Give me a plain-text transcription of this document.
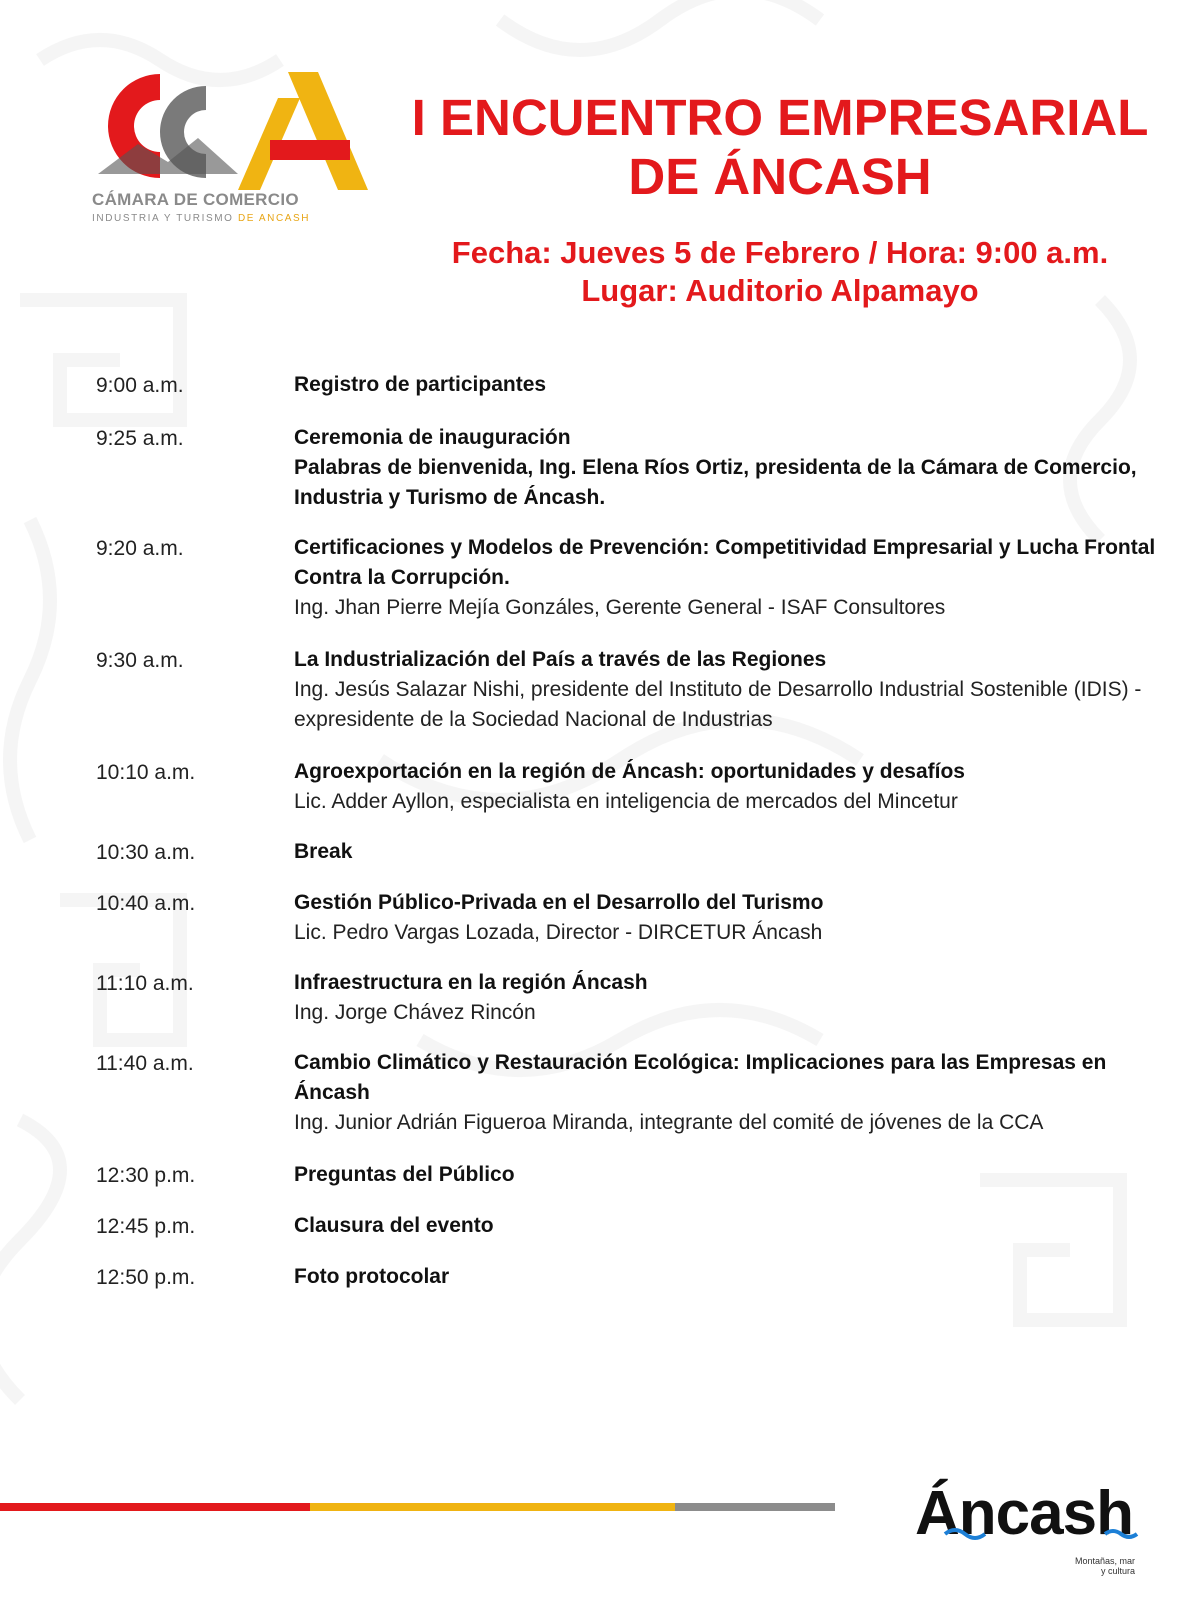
CÁMARA DE COMERCIO
INDUSTRIA Y TURISMO DE ANCASH
I ENCUENTRO EMPRESARIAL
DE ÁNCASH
Fecha: Jueves 5 de Febrero / Hora: 9:00 a.m.
Lugar: Auditorio Alpamayo
9:00 a.m.	Registro de participantes
9:25 a.m.	Ceremonia de inauguración
Palabras de bienvenida, Ing. Elena Ríos Ortiz, presidenta de la Cámara de Comercio, Industria y Turismo de Áncash.
9:20 a.m.	Certificaciones y Modelos de Prevención: Competitividad Empresarial y Lucha Frontal Contra la Corrupción.
Ing. Jhan Pierre Mejía Gonzáles, Gerente General - ISAF Consultores
9:30 a.m.	La Industrialización del País a través de las Regiones
Ing. Jesús Salazar Nishi, presidente del Instituto de Desarrollo Industrial Sostenible (IDIS) - expresidente de la Sociedad Nacional de Industrias
10:10 a.m.	Agroexportación en la región de Áncash: oportunidades y desafíos
Lic. Adder Ayllon, especialista en inteligencia de mercados del Mincetur
10:30 a.m.	Break
10:40 a.m.	Gestión Público-Privada en el Desarrollo del Turismo
Lic. Pedro Vargas Lozada, Director - DIRCETUR Áncash
11:10 a.m.	Infraestructura en la región Áncash
Ing. Jorge Chávez Rincón
11:40 a.m.	Cambio Climático y Restauración Ecológica: Implicaciones para las Empresas en Áncash
Ing. Junior Adrián Figueroa Miranda, integrante del comité de jóvenes de la CCA
12:30 p.m.	Preguntas del Público
12:45 p.m.	Clausura del evento
12:50 p.m.	Foto protocolar
Áncash
Montañas, mar
y cultura
